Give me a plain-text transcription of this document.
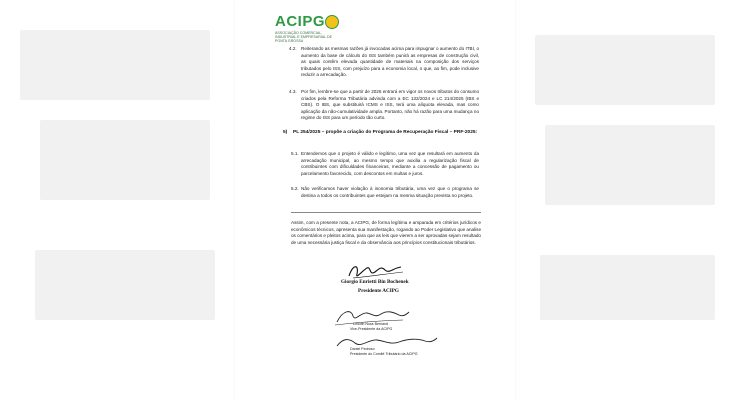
ACIPG
ASSOCIAÇÃO COMERCIAL, INDUSTRIAL E EMPRESARIAL DE PONTA GROSSA
4.2. Reiterando as mesmas razões já invocadas acima para impugnar o aumento do ITBI, o aumento da base de cálculo do ISS também punirá as empresas de construção civil, as quais contêm elevada quantidade de materiais na composição dos serviços tributados pelo ISS, com prejuízo para a economia local, o que, ao fim, pode inclusive reduzir a arrecadação.
4.3. Por fim, lembre-se que a partir de 2026 entrará em vigor os novos tributos do consumo criados pela Reforma Tributária advinda com a EC 132/2024 e LC 214/2025 (IBS e CBS). O IBS, que substituirá ICMS e ISS, terá uma alíquota elevada, mas como aplicação da não-cumulatividade ampla. Portanto, não há razão para uma mudança no regime do ISS para um período tão curto.
5) PL 254/2025 – propõe a criação do Programa de Recuperação Fiscal – PRF-2025:
5.1. Entendemos que o projeto é válido e legítimo, uma vez que resultará em aumento da arrecadação municipal, ao mesmo tempo que auxilia a regularização fiscal de contribuintes com dificuldades financeiras, mediante a concessão de pagamento ou parcelamento favorecido, com descontos em multas e juros.
5.2. Não verificamos haver violação à isonomia tributária, uma vez que o programa se destina a todos os contribuintes que estejam na mesma situação prevista no projeto.
Assim, com a presente nota, a ACIPG, de forma legítima e amparada em critérios jurídicos e econômicos técnicos, apresenta sua manifestação, rogando ao Poder Legislativo que analise os comentários e pleitos acima, para que as leis que vierem a ser aprovadas sejam resultado de uma necessária justiça fiscal e da observância aos princípios constitucionais tributários.
Giorgio Enrietti Bin Bochenek
Presidente ACIPG
Lincoln Nuss Bernardi
Vice-Presidente da ACIPG
Daniel Pedroso
Presidente do Comitê Tributário da ACIPG
